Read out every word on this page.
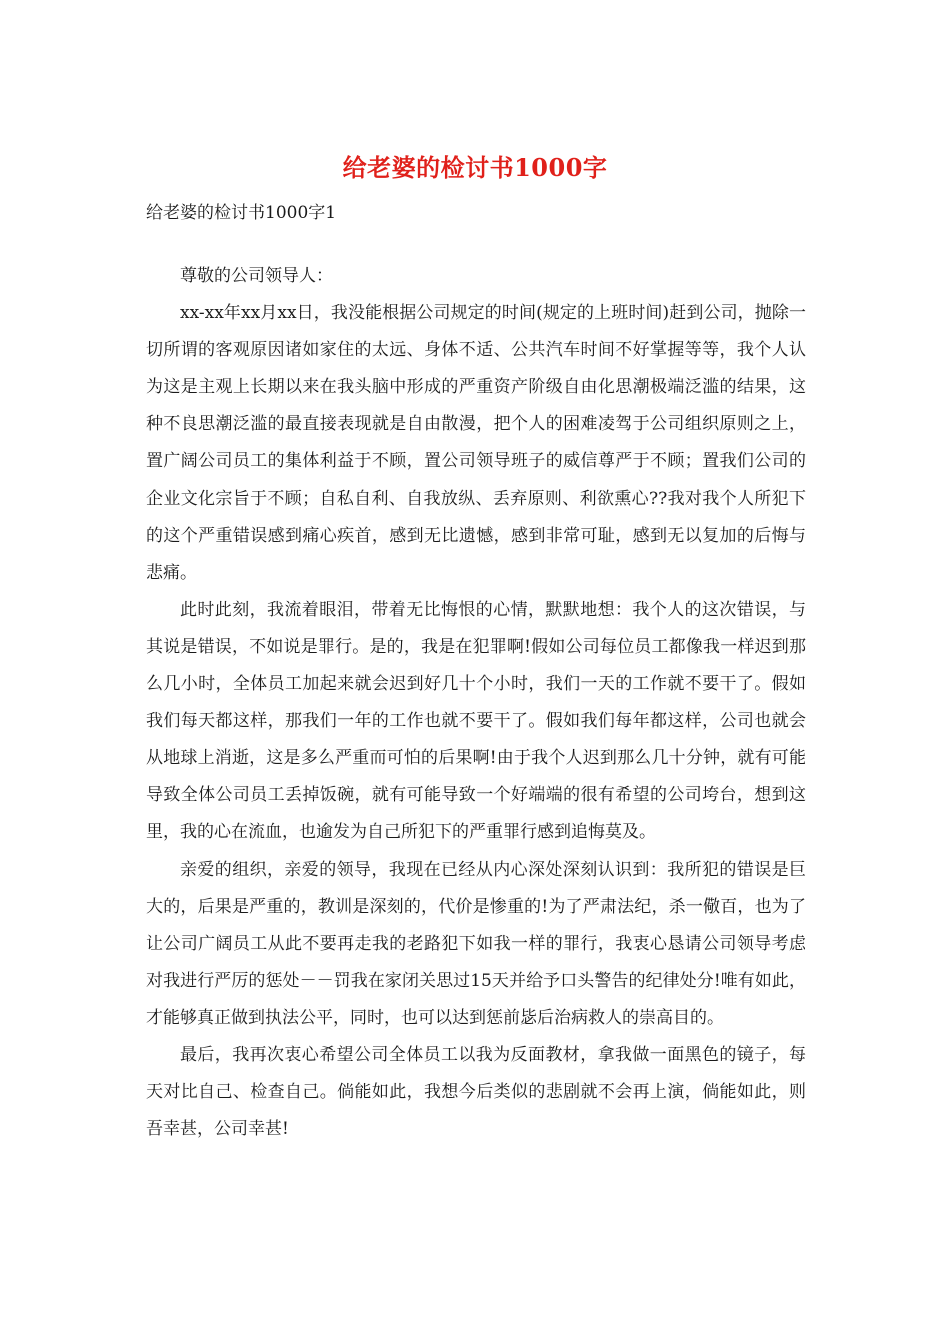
给老婆的检讨书1000字
给老婆的检讨书1000字1

尊敬的公司领导人：

xx-xx年xx月xx日，我没能根据公司规定的时间(规定的上班时间)赶到公司，抛除一切所谓的客观原因诸如家住的太远、身体不适、公共汽车时间不好掌握等等，我个人认为这是主观上长期以来在我头脑中形成的严重资产阶级自由化思潮极端泛滥的结果，这种不良思潮泛滥的最直接表现就是自由散漫，把个人的困难凌驾于公司组织原则之上，置广阔公司员工的集体利益于不顾，置公司领导班子的威信尊严于不顾；置我们公司的企业文化宗旨于不顾；自私自利、自我放纵、丢弃原则、利欲熏心??我对我个人所犯下的这个严重错误感到痛心疾首，感到无比遗憾，感到非常可耻，感到无以复加的后悔与悲痛。

此时此刻，我流着眼泪，带着无比悔恨的心情，默默地想：我个人的这次错误，与其说是错误，不如说是罪行。是的，我是在犯罪啊!假如公司每位员工都像我一样迟到那么几小时，全体员工加起来就会迟到好几十个小时，我们一天的工作就不要干了。假如我们每天都这样，那我们一年的工作也就不要干了。假如我们每年都这样，公司也就会从地球上消逝，这是多么严重而可怕的后果啊!由于我个人迟到那么几十分钟，就有可能导致全体公司员工丢掉饭碗，就有可能导致一个好端端的很有希望的公司垮台，想到这里，我的心在流血，也逾发为自己所犯下的严重罪行感到追悔莫及。

亲爱的组织，亲爱的领导，我现在已经从内心深处深刻认识到：我所犯的错误是巨大的，后果是严重的，教训是深刻的，代价是惨重的!为了严肃法纪，杀一儆百，也为了让公司广阔员工从此不要再走我的老路犯下如我一样的罪行，我衷心恳请公司领导考虑对我进行严厉的惩处－－罚我在家闭关思过15天并给予口头警告的纪律处分!唯有如此，才能够真正做到执法公平，同时，也可以达到惩前毖后治病救人的崇高目的。

最后，我再次衷心希望公司全体员工以我为反面教材，拿我做一面黑色的镜子，每天对比自己、检查自己。倘能如此，我想今后类似的悲剧就不会再上演，倘能如此，则吾幸甚，公司幸甚!
